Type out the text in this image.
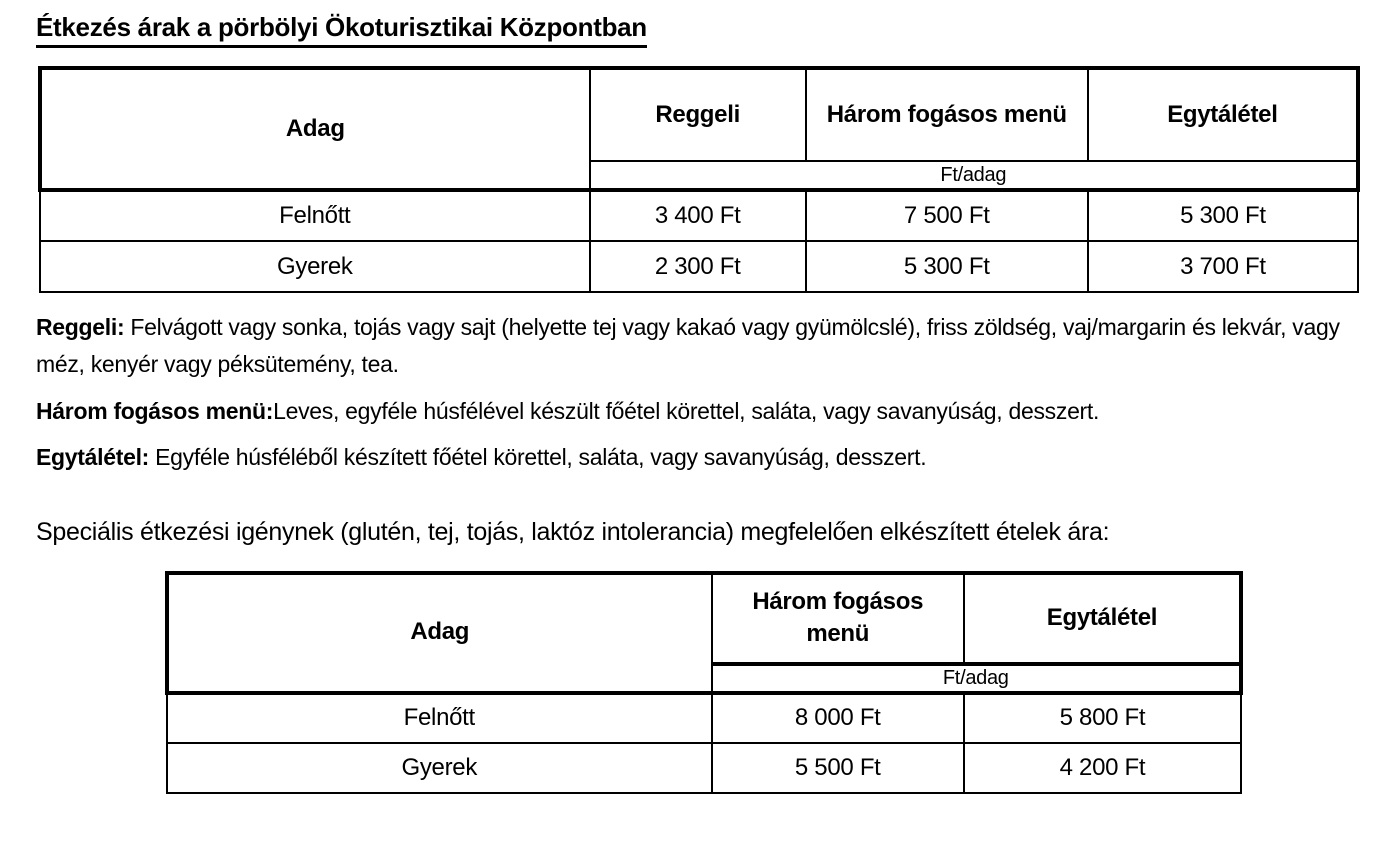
Étkezés árak a pörbölyi Ökoturisztikai Központban
Adag	Reggeli	Három fogásos menü	Egytálétel
	Ft/adag		
Felnőtt	3 400 Ft	7 500 Ft	5 300 Ft
Gyerek	2 300 Ft	5 300 Ft	3 700 Ft

Reggeli: Felvágott vagy sonka, tojás vagy sajt (helyette tej vagy kakaó vagy gyümölcslé), friss zöldség, vaj/margarin és lekvár, vagy méz, kenyér vagy péksütemény, tea.

Három fogásos menü:Leves, egyféle húsfélével készült főétel körettel, saláta, vagy savanyúság, desszert.

Egytálétel: Egyféle húsféléből készített főétel körettel, saláta, vagy savanyúság, desszert.

Speciális étkezési igénynek (glutén, tej, tojás, laktóz intolerancia) megfelelően elkészített ételek ára:

Adag	Három fogásos menü	Egytálétel
	Ft/adag	
Felnőtt	8 000 Ft	5 800 Ft
Gyerek	5 500 Ft	4 200 Ft
